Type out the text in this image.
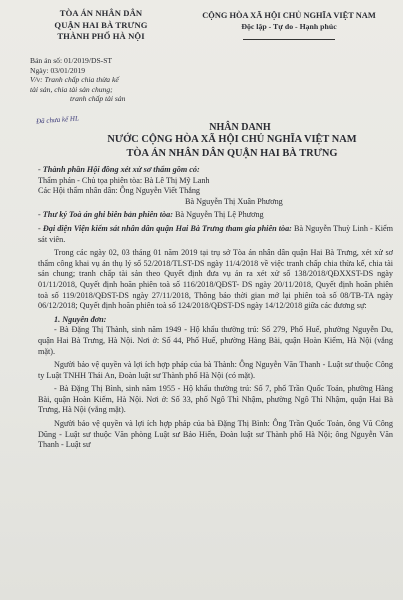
TÒA ÁN NHÂN DÂN
QUẬN HAI BÀ TRƯNG
THÀNH PHỐ HÀ NỘI
CỘNG HÒA XÃ HỘI CHỦ NGHĨA VIỆT NAM
Độc lập - Tự do - Hạnh phúc
Bản án số: 01/2019/DS-ST
Ngày: 03/01/2019
V/v: Tranh chấp chia thừa kế
tài sản, chia tài sản chung;
tranh chấp tài sản
Đã chưa kế HL
NHÂN DANH
NƯỚC CỘNG HÒA XÃ HỘI CHỦ NGHĨA VIỆT NAM
TÒA ÁN NHÂN DÂN QUẬN HAI BÀ TRƯNG

- Thành phần Hội đồng xét xử sơ thẩm gồm có:

Thẩm phán - Chủ tọa phiên tòa: Bà Lê Thị Mỹ Lanh

Các Hội thẩm nhân dân: Ông Nguyễn Viết Thắng

Bà Nguyễn Thị Xuân Phương

- Thư ký Toà án ghi biên bản phiên tòa: Bà Nguyễn Thị Lệ Phương

- Đại diện Viện kiểm sát nhân dân quận Hai Bà Trưng tham gia phiên tòa: Bà Nguyễn Thuỳ Linh - Kiểm sát viên.

Trong các ngày 02, 03 tháng 01 năm 2019 tại trụ sở Tòa án nhân dân quận Hai Bà Trưng, xét xử sơ thẩm công khai vụ án thụ lý số 52/2018/TLST-DS ngày 11/4/2018 về việc tranh chấp chia thừa kế, chia tài sản chung; tranh chấp tài sản theo Quyết định đưa vụ án ra xét xử số 138/2018/QĐXXST-DS ngày 01/11/2018, Quyết định hoãn phiên toà số 116/2018/QĐST- DS ngày 20/11/2018, Quyết định hoãn phiên toà số 119/2018/QĐST-DS ngày 27/11/2018, Thông báo thời gian mở lại phiên toà số 08/TB-TA ngày 06/12/2018; Quyết định hoãn phiên toà số 124/2018/QĐST-DS ngày 14/12/2018 giữa các đương sự:

1. Nguyên đơn:

- Bà Đặng Thị Thành, sinh năm 1949 - Hộ khẩu thường trú: Số 279, Phố Huế, phường Nguyễn Du, quận Hai Bà Trưng, Hà Nội. Nơi ở: Số 44, Phố Huế, phường Hàng Bài, quận Hoàn Kiếm, Hà Nội (vắng mặt).

Người bảo vệ quyền và lợi ích hợp pháp của bà Thành: Ông Nguyễn Văn Thanh - Luật sư thuộc Công ty Luật TNHH Thái An, Đoàn luật sư Thành phố Hà Nội (có mặt).

- Bà Đặng Thị Bình, sinh năm 1955 - Hộ khẩu thường trú: Số 7, phố Trần Quốc Toản, phường Hàng Bài, quận Hoàn Kiếm, Hà Nội. Nơi ở: Số 33, phố Ngô Thì Nhậm, phường Ngô Thì Nhậm, quận Hai Bà Trưng, Hà Nội (vắng mặt).

Người bảo vệ quyền và lợi ích hợp pháp của bà Đặng Thị Bình: Ông Trần Quốc Toản, ông Vũ Công Dũng - Luật sư thuộc Văn phòng Luật sư Bảo Hiến, Đoàn luật sư Thành phố Hà Nội; ông Nguyễn Văn Thanh - Luật sư
